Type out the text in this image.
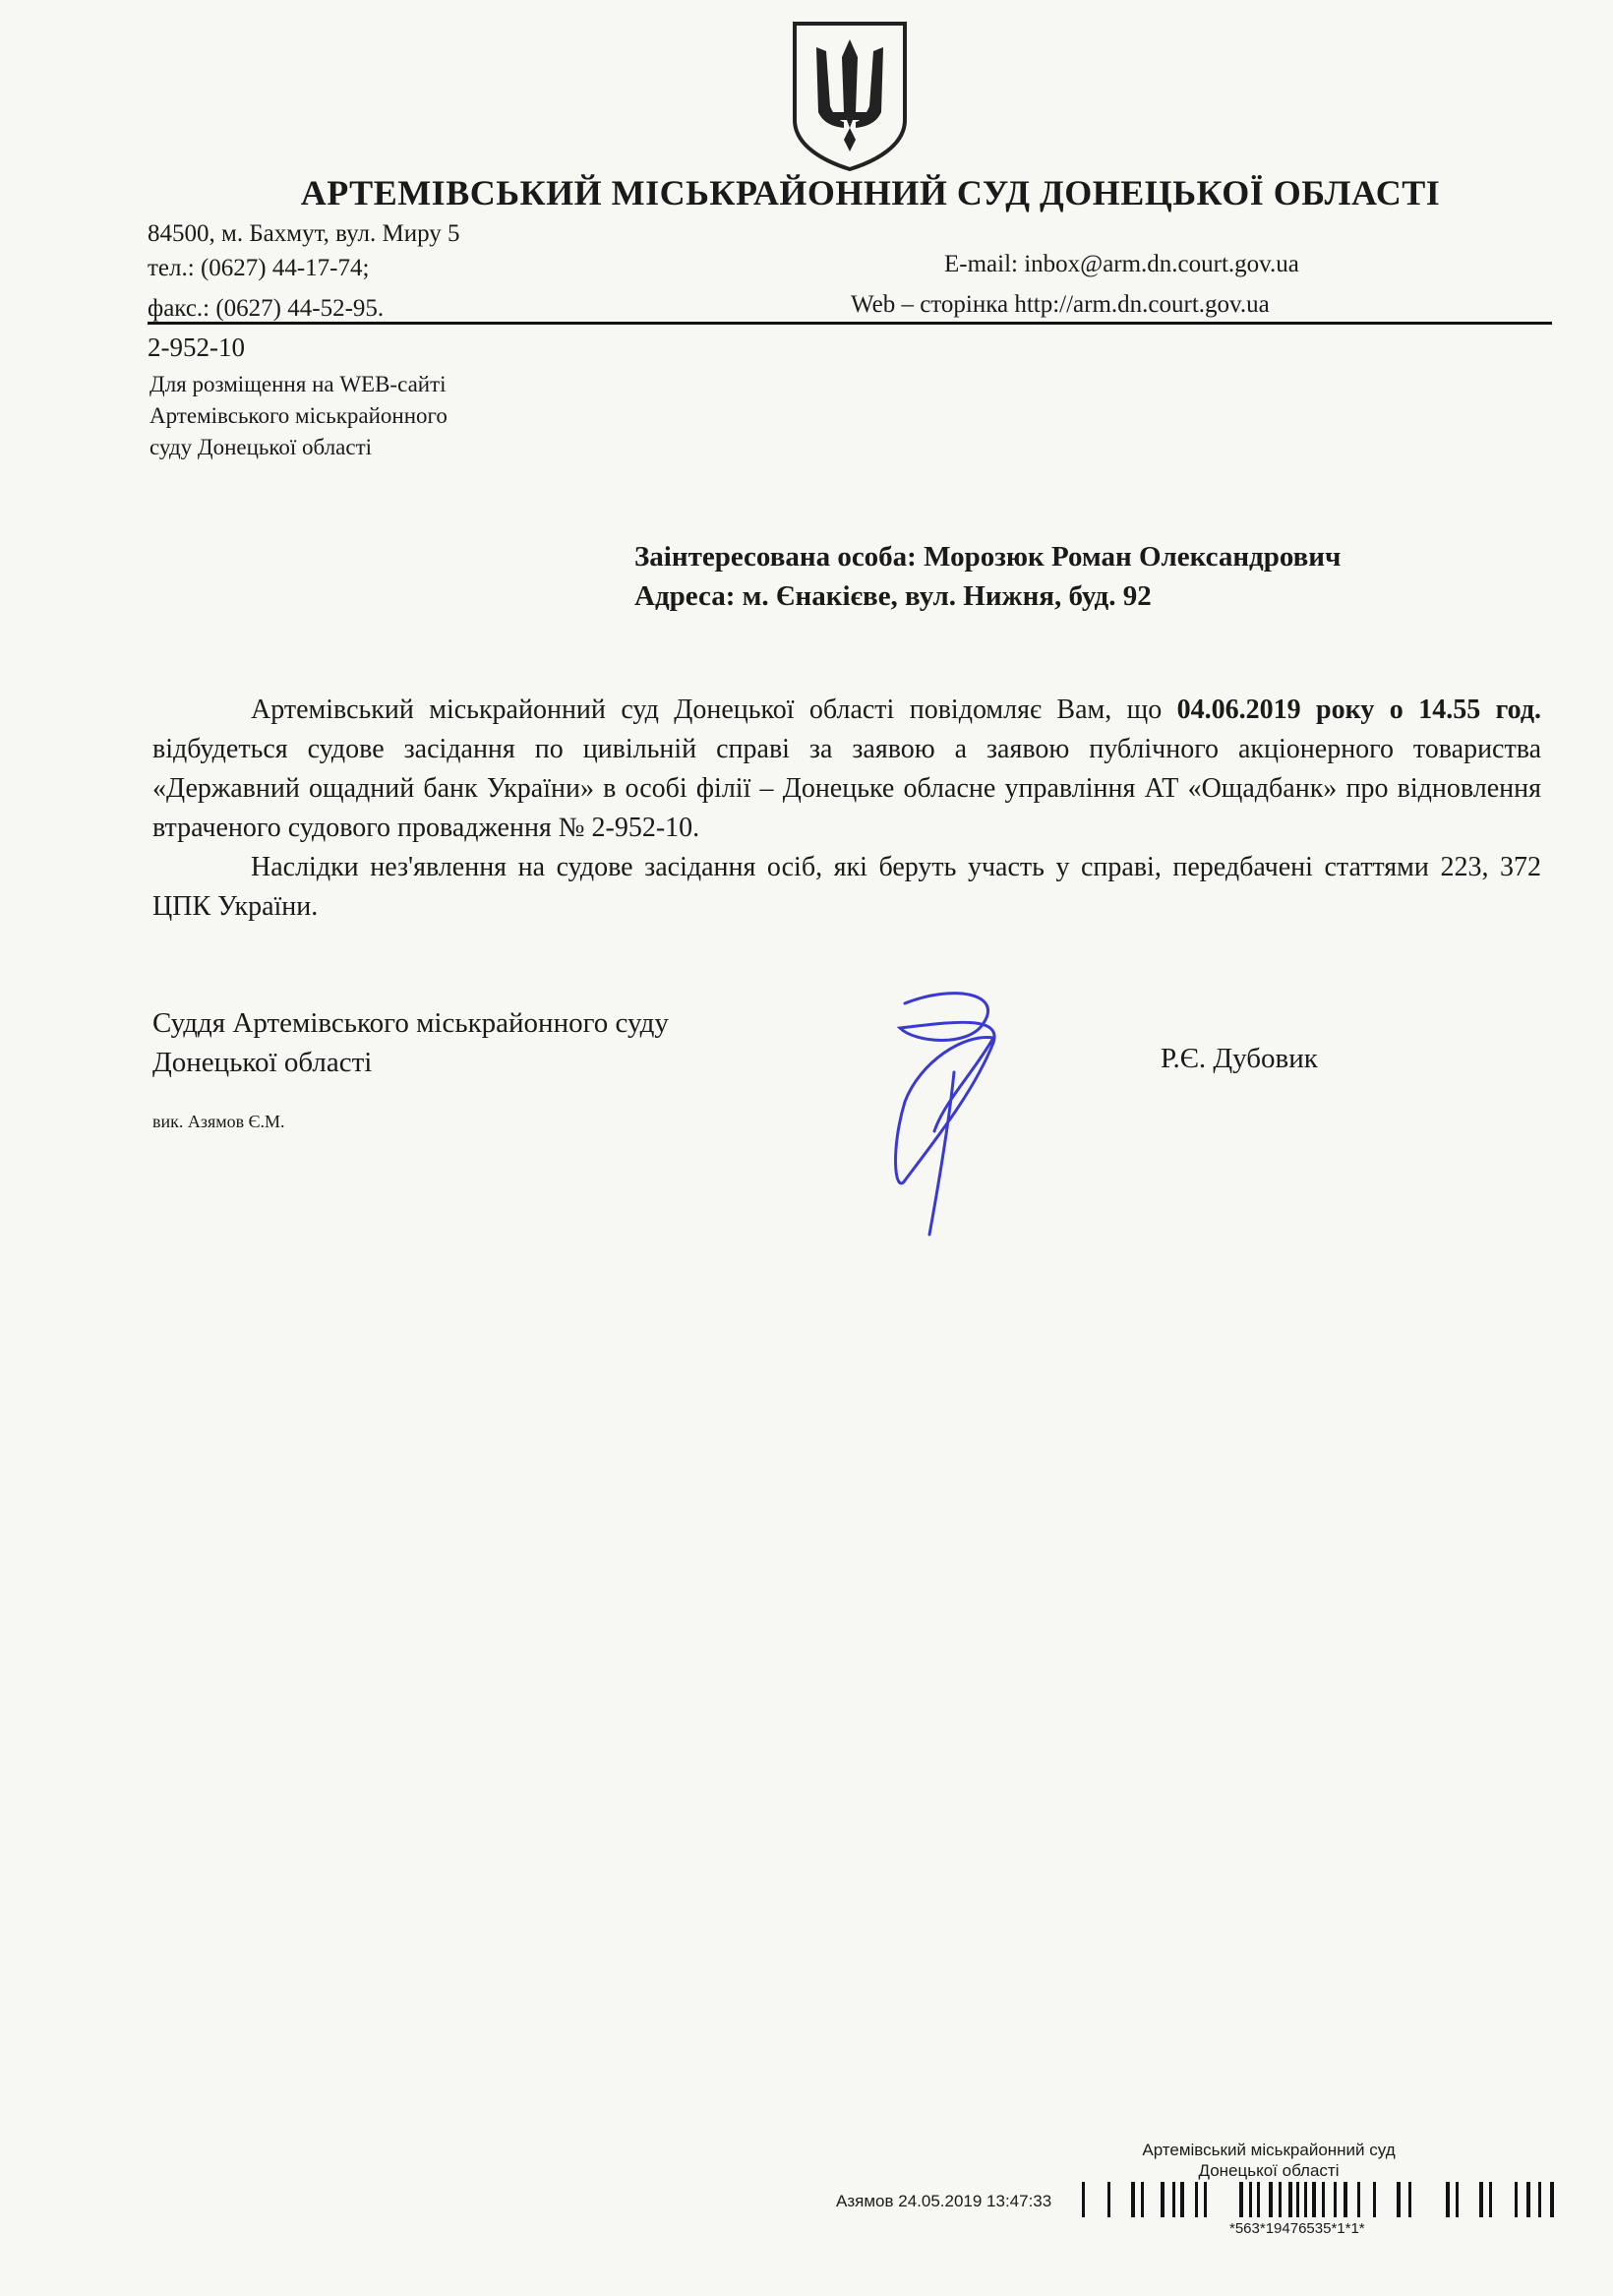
АРТЕМІВСЬКИЙ МІСЬКРАЙОННИЙ СУД ДОНЕЦЬКОЇ ОБЛАСТІ
84500, м. Бахмут, вул. Миру 5
тел.: (0627) 44-17-74;
факс.: (0627) 44-52-95.
E-mail: inbox@arm.dn.court.gov.ua
Web – сторінка http://arm.dn.court.gov.ua
2-952-10
Для розміщення на WEB-сайті
Артемівського міськрайонного
суду Донецької області
Заінтересована особа: Морозюк Роман Олександрович
Адреса: м. Єнакієве, вул. Нижня, буд. 92

Артемівський міськрайонний суд Донецької області повідомляє Вам, що 04.06.2019 року о 14.55 год. відбудеться судове засідання по цивільній справі за заявою а заявою публічного акціонерного товариства «Державний ощадний банк України» в особі філії – Донецьке обласне управління АТ «Ощадбанк» про відновлення втраченого судового провадження № 2-952-10.

Наслідки нез'явлення на судове засідання осіб, які беруть участь у справі, передбачені статтями 223, 372 ЦПК України.

Суддя Артемівського міськрайонного суду
Донецької області	Р.Є. Дубовик
вик. Азямов Є.М.
Артемівський міськрайонний суд
Донецької області
Азямов 24.05.2019 13:47:33
*563*19476535*1*1*
